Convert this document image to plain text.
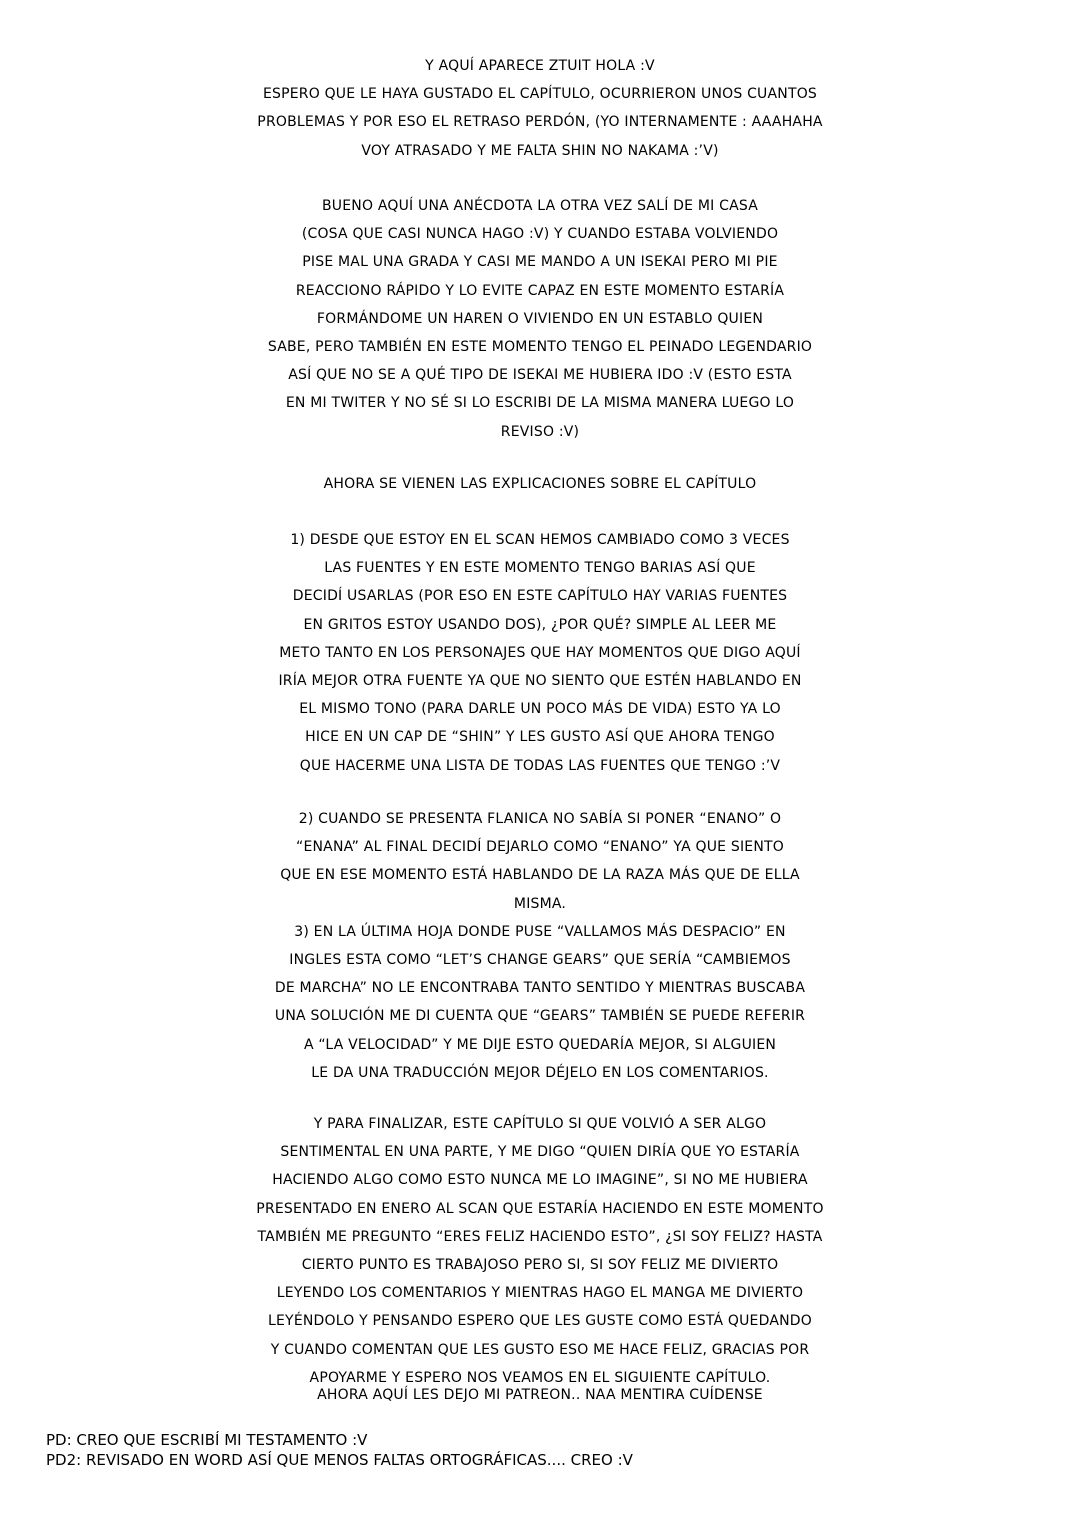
Y AQUÍ APARECE ZTUIT HOLA :V
ESPERO QUE LE HAYA GUSTADO EL CAPÍTULO, OCURRIERON UNOS CUANTOS
PROBLEMAS Y POR ESO EL RETRASO PERDÓN, (YO INTERNAMENTE : AAAHAHA
VOY ATRASADO Y ME FALTA SHIN NO NAKAMA :’V)
BUENO AQUÍ UNA ANÉCDOTA LA OTRA VEZ SALÍ DE MI CASA
(COSA QUE CASI NUNCA HAGO :V) Y CUANDO ESTABA VOLVIENDO
PISE MAL UNA GRADA Y CASI ME MANDO A UN ISEKAI PERO MI PIE
REACCIONO RÁPIDO Y LO EVITE CAPAZ EN ESTE MOMENTO ESTARÍA
FORMÁNDOME UN HAREN O VIVIENDO EN UN ESTABLO QUIEN
SABE, PERO TAMBIÉN EN ESTE MOMENTO TENGO EL PEINADO LEGENDARIO
ASÍ QUE NO SE A QUÉ TIPO DE ISEKAI ME HUBIERA IDO :V (ESTO ESTA
EN MI TWITER Y NO SÉ SI LO ESCRIBI DE LA MISMA MANERA LUEGO LO
REVISO :V)
AHORA SE VIENEN LAS EXPLICACIONES SOBRE EL CAPÍTULO
1) DESDE QUE ESTOY EN EL SCAN HEMOS CAMBIADO COMO 3 VECES
LAS FUENTES Y EN ESTE MOMENTO TENGO BARIAS ASÍ QUE
DECIDÍ USARLAS (POR ESO EN ESTE CAPÍTULO HAY VARIAS FUENTES
EN GRITOS ESTOY USANDO DOS), ¿POR QUÉ? SIMPLE AL LEER ME
METO TANTO EN LOS PERSONAJES QUE HAY MOMENTOS QUE DIGO AQUÍ
IRÍA MEJOR OTRA FUENTE YA QUE NO SIENTO QUE ESTÉN HABLANDO EN
EL MISMO TONO (PARA DARLE UN POCO MÁS DE VIDA) ESTO YA LO
HICE EN UN CAP DE “SHIN” Y LES GUSTO ASÍ QUE AHORA TENGO
QUE HACERME UNA LISTA DE TODAS LAS FUENTES QUE TENGO :’V
2) CUANDO SE PRESENTA FLANICA NO SABÍA SI PONER “ENANO” O
“ENANA” AL FINAL DECIDÍ DEJARLO COMO “ENANO” YA QUE SIENTO
QUE EN ESE MOMENTO ESTÁ HABLANDO DE LA RAZA MÁS QUE DE ELLA
MISMA.
3) EN LA ÚLTIMA HOJA DONDE PUSE “VALLAMOS MÁS DESPACIO” EN
INGLES ESTA COMO “LET’S CHANGE GEARS” QUE SERÍA “CAMBIEMOS
DE MARCHA” NO LE ENCONTRABA TANTO SENTIDO Y MIENTRAS BUSCABA
UNA SOLUCIÓN ME DI CUENTA QUE “GEARS” TAMBIÉN SE PUEDE REFERIR
A “LA VELOCIDAD” Y ME DIJE ESTO QUEDARÍA MEJOR, SI ALGUIEN
LE DA UNA TRADUCCIÓN MEJOR DÉJELO EN LOS COMENTARIOS.
Y PARA FINALIZAR, ESTE CAPÍTULO SI QUE VOLVIÓ A SER ALGO
SENTIMENTAL EN UNA PARTE, Y ME DIGO “QUIEN DIRÍA QUE YO ESTARÍA
HACIENDO ALGO COMO ESTO NUNCA ME LO IMAGINE”, SI NO ME HUBIERA
PRESENTADO EN ENERO AL SCAN QUE ESTARÍA HACIENDO EN ESTE MOMENTO
TAMBIÉN ME PREGUNTO “ERES FELIZ HACIENDO ESTO”, ¿SI SOY FELIZ? HASTA
CIERTO PUNTO ES TRABAJOSO PERO SI, SI SOY FELIZ ME DIVIERTO
LEYENDO LOS COMENTARIOS Y MIENTRAS HAGO EL MANGA ME DIVIERTO
LEYÉNDOLO Y PENSANDO ESPERO QUE LES GUSTE COMO ESTÁ QUEDANDO
Y CUANDO COMENTAN QUE LES GUSTO ESO ME HACE FELIZ, GRACIAS POR
APOYARME Y ESPERO NOS VEAMOS EN EL SIGUIENTE CAPÍTULO.
AHORA AQUÍ LES DEJO MI PATREON.. NAA MENTIRA CUÍDENSE
PD: CREO QUE ESCRIBÍ MI TESTAMENTO :V
PD2: REVISADO EN WORD ASÍ QUE MENOS FALTAS ORTOGRÁFICAS.... CREO :V
